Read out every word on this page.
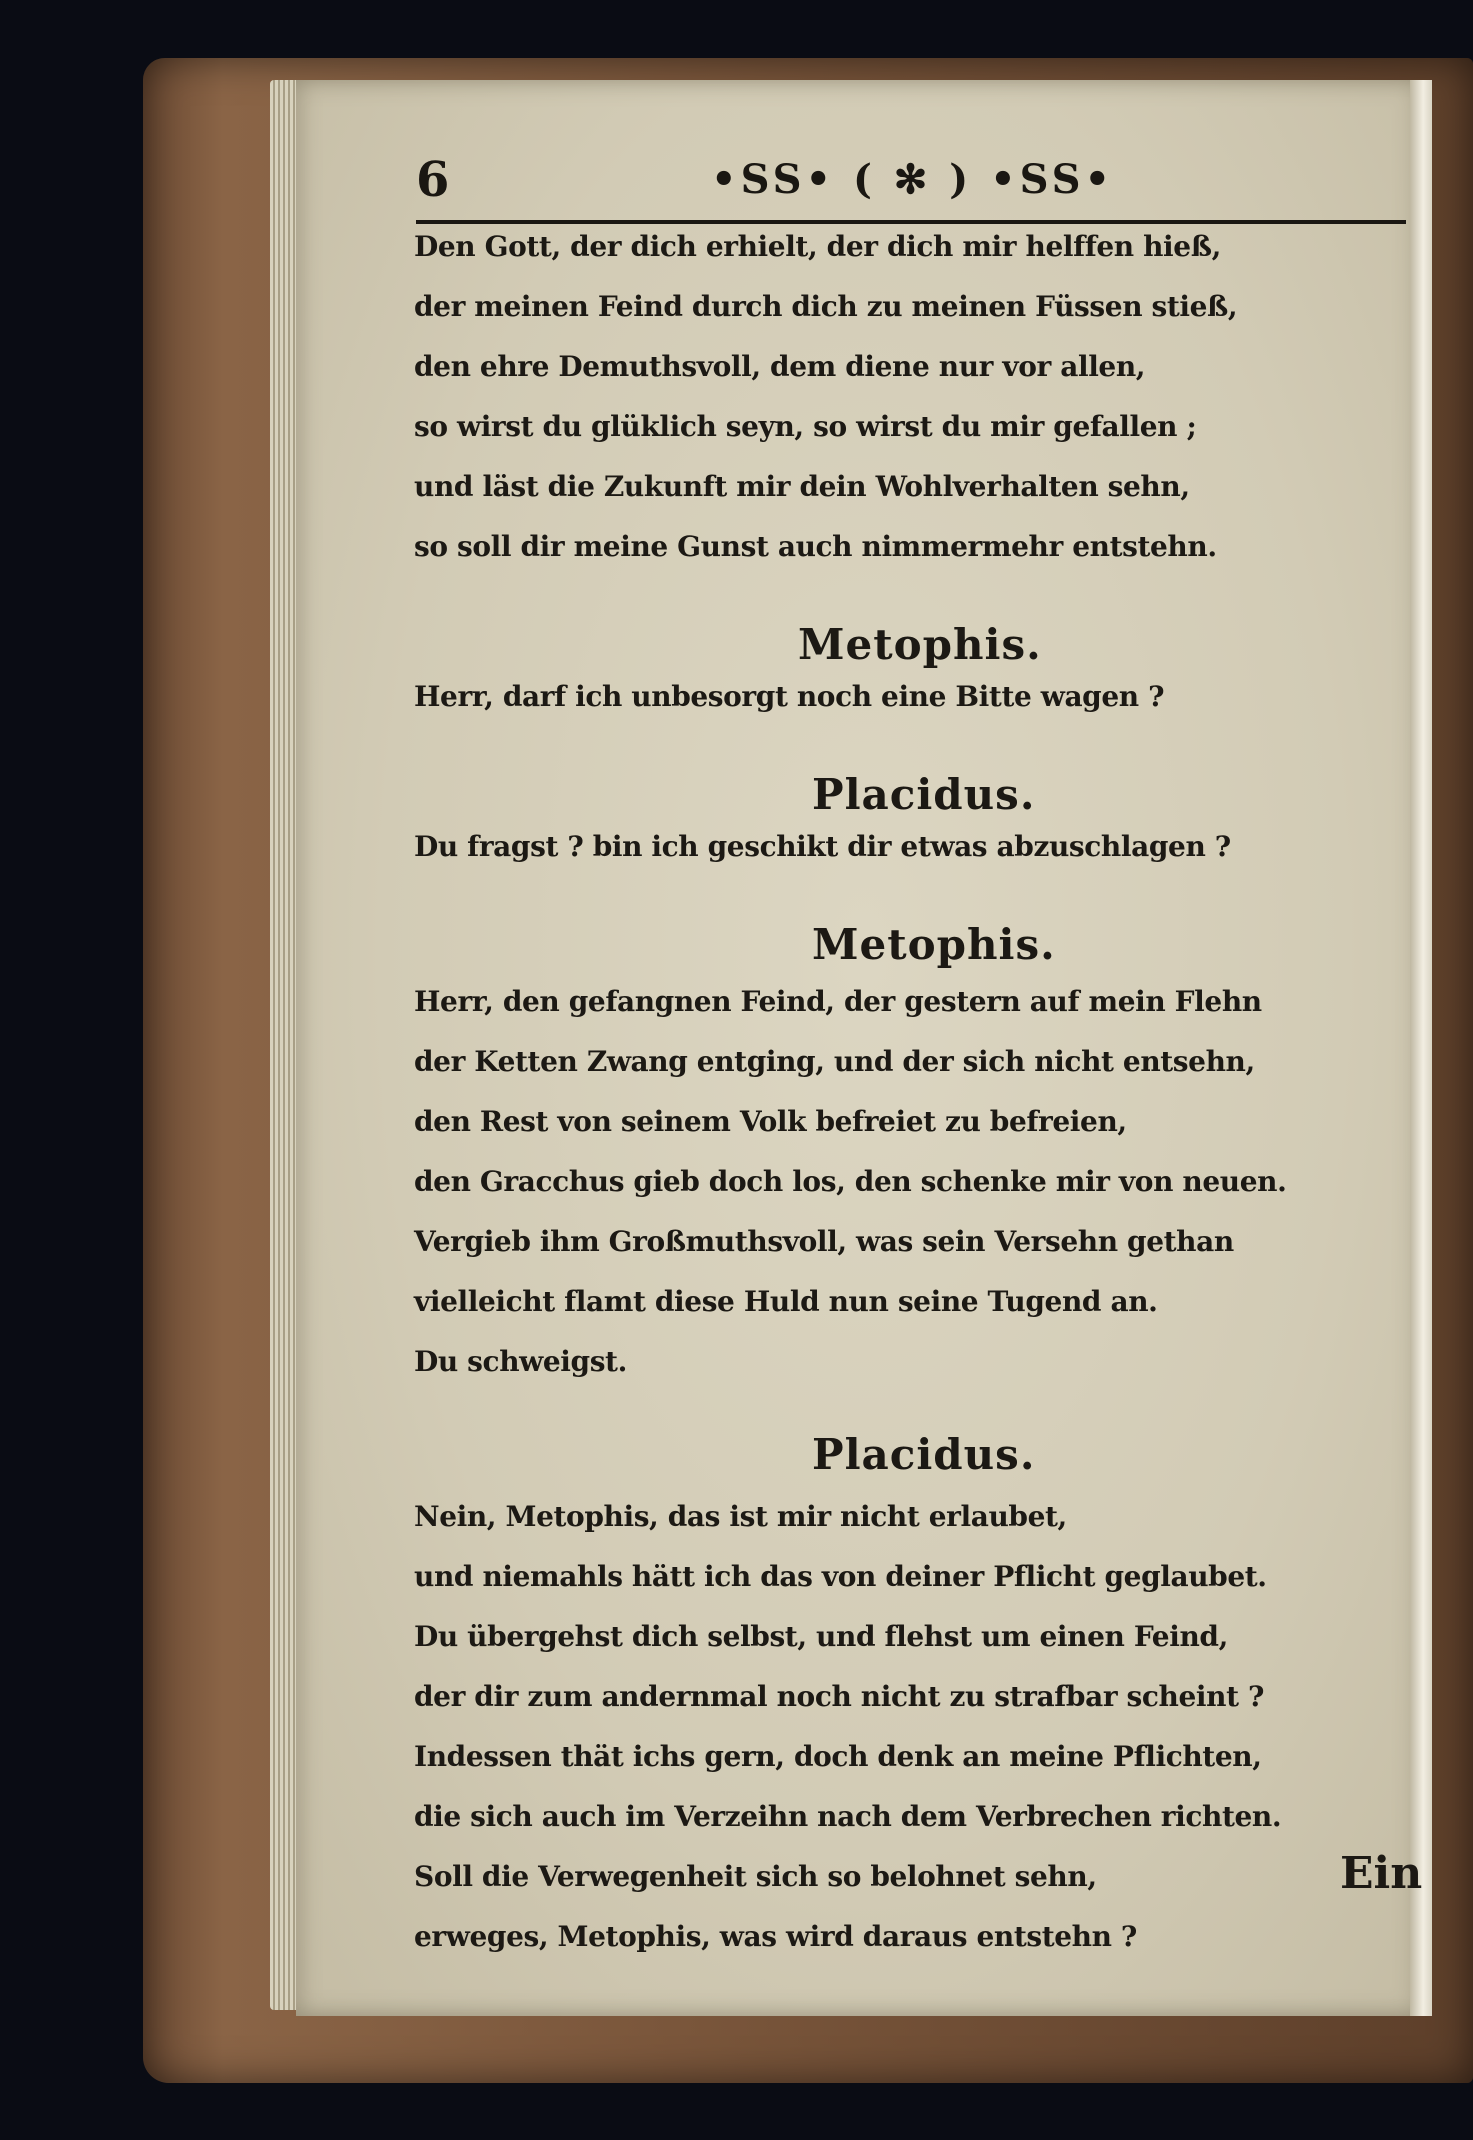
6	•SS• ( ✻ ) •SS•
Den Gott, der dich erhielt, der dich mir helffen hieß,
der meinen Feind durch dich zu meinen Füssen stieß,
den ehre Demuthsvoll, dem diene nur vor allen,
so wirst du glüklich seyn, so wirst du mir gefallen ;
und läst die Zukunft mir dein Wohlverhalten sehn,
so soll dir meine Gunst auch nimmermehr entstehn.
Metophis.
Herr, darf ich unbesorgt noch eine Bitte wagen ?
Placidus.
Du fragst ? bin ich geschikt dir etwas abzuschlagen ?
Metophis.
Herr, den gefangnen Feind, der gestern auf mein Flehn
der Ketten Zwang entging, und der sich nicht entsehn,
den Rest von seinem Volk befreiet zu befreien,
den Gracchus gieb doch los, den schenke mir von neuen.
Vergieb ihm Großmuthsvoll, was sein Versehn gethan
vielleicht flamt diese Huld nun seine Tugend an.
Du schweigst.
Placidus.
Nein, Metophis, das ist mir nicht erlaubet,
und niemahls hätt ich das von deiner Pflicht geglaubet.
Du übergehst dich selbst, und flehst um einen Feind,
der dir zum andernmal noch nicht zu strafbar scheint ?
Indessen thät ichs gern, doch denk an meine Pflichten,
die sich auch im Verzeihn nach dem Verbrechen richten.
Soll die Verwegenheit sich so belohnet sehn,
erweges, Metophis, was wird daraus entstehn ?
Ein
